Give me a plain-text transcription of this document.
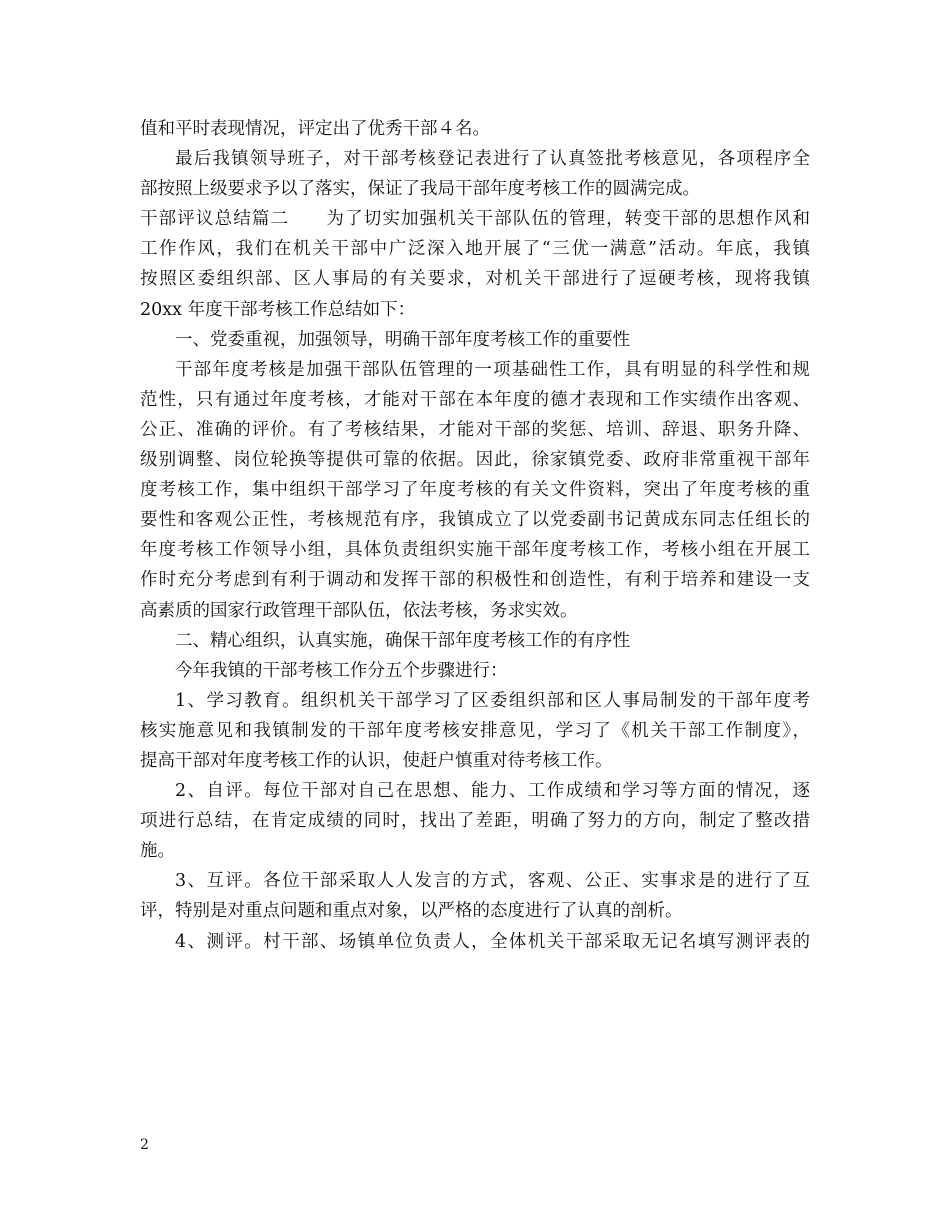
值和平时表现情况，评定出了优秀干部４名。
最后我镇领导班子，对干部考核登记表进行了认真签批考核意见，各项程序全
部按照上级要求予以了落实，保证了我局干部年度考核工作的圆满完成。
干部评议总结篇二　　为了切实加强机关干部队伍的管理，转变干部的思想作风和
工作作风，我们在机关干部中广泛深入地开展了“三优一满意”活动。年底，我镇
按照区委组织部、区人事局的有关要求，对机关干部进行了逗硬考核，现将我镇
20xx 年度干部考核工作总结如下：
一、党委重视，加强领导，明确干部年度考核工作的重要性
干部年度考核是加强干部队伍管理的一项基础性工作，具有明显的科学性和规
范性，只有通过年度考核，才能对干部在本年度的德才表现和工作实绩作出客观、
公正、准确的评价。有了考核结果，才能对干部的奖惩、培训、辞退、职务升降、
级别调整、岗位轮换等提供可靠的依据。因此，徐家镇党委、政府非常重视干部年
度考核工作，集中组织干部学习了年度考核的有关文件资料，突出了年度考核的重
要性和客观公正性，考核规范有序，我镇成立了以党委副书记黄成东同志任组长的
年度考核工作领导小组，具体负责组织实施干部年度考核工作，考核小组在开展工
作时充分考虑到有利于调动和发挥干部的积极性和创造性，有利于培养和建设一支
高素质的国家行政管理干部队伍，依法考核，务求实效。
二、精心组织，认真实施，确保干部年度考核工作的有序性
今年我镇的干部考核工作分五个步骤进行：
1、学习教育。组织机关干部学习了区委组织部和区人事局制发的干部年度考
核实施意见和我镇制发的干部年度考核安排意见，学习了《机关干部工作制度》，
提高干部对年度考核工作的认识，使赶户慎重对待考核工作。
2、自评。每位干部对自己在思想、能力、工作成绩和学习等方面的情况，逐
项进行总结，在肯定成绩的同时，找出了差距，明确了努力的方向，制定了整改措
施。
3、互评。各位干部采取人人发言的方式，客观、公正、实事求是的进行了互
评，特别是对重点问题和重点对象，以严格的态度进行了认真的剖析。
4、测评。村干部、场镇单位负责人，全体机关干部采取无记名填写测评表的
2
